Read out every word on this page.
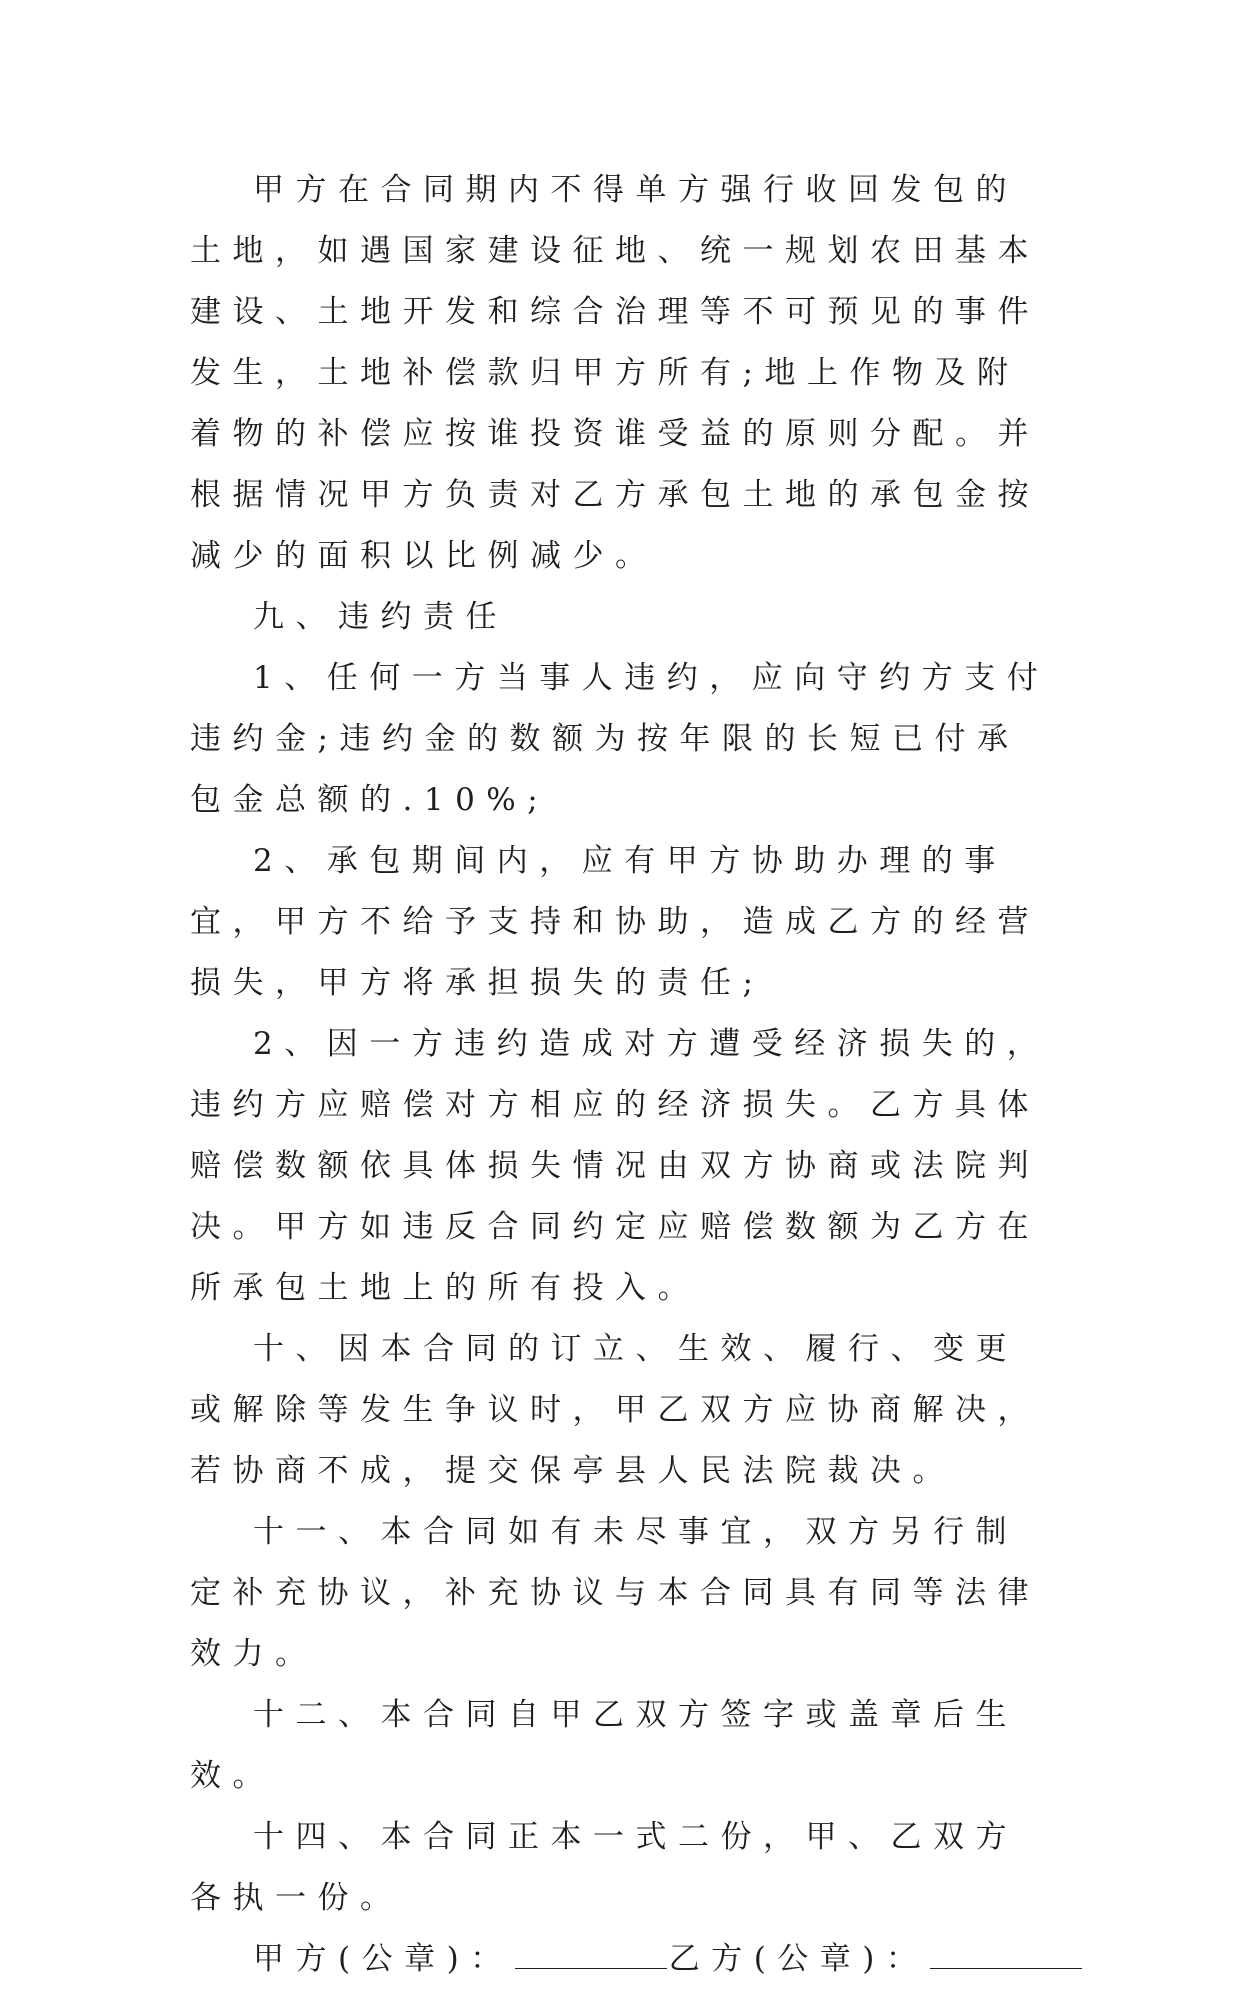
甲方在合同期内不得单方强行收回发包的土地，如遇国家建设征地、统一规划农田基本建设、土地开发和综合治理等不可预见的事件发生，土地补偿款归甲方所有;地上作物及附着物的补偿应按谁投资谁受益的原则分配。并根据情况甲方负责对乙方承包土地的承包金按减少的面积以比例减少。

九、违约责任

1、任何一方当事人违约，应向守约方支付违约金;违约金的数额为按年限的长短已付承包金总额的.10%;

2、承包期间内，应有甲方协助办理的事宜，甲方不给予支持和协助，造成乙方的经营损失，甲方将承担损失的责任;

2、因一方违约造成对方遭受经济损失的，违约方应赔偿对方相应的经济损失。乙方具体赔偿数额依具体损失情况由双方协商或法院判决。甲方如违反合同约定应赔偿数额为乙方在所承包土地上的所有投入。

十、因本合同的订立、生效、履行、变更或解除等发生争议时，甲乙双方应协商解决，若协商不成，提交保亭县人民法院裁决。

十一、本合同如有未尽事宜，双方另行制定补充协议，补充协议与本合同具有同等法律效力。

十二、本合同自甲乙双方签字或盖章后生效。

十四、本合同正本一式二份，甲、乙双方各执一份。

甲方(公章)：	乙方(公章)：
